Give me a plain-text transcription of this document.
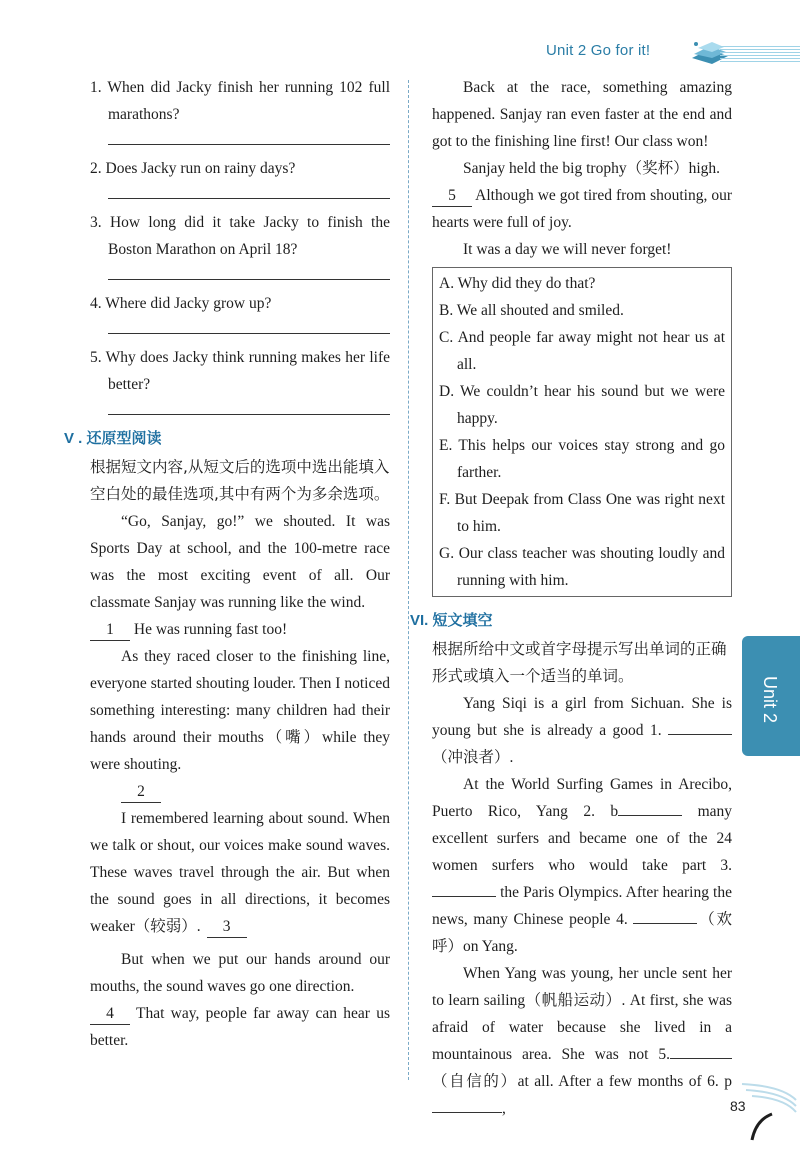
Unit 2 Go for it!

1. When did Jacky finish her running 102 full marathons?

2. Does Jacky run on rainy days?

3. How long did it take Jacky to finish the Boston Marathon on April 18?

4. Where did Jacky grow up?

5. Why does Jacky think running makes her life better?

V . 还原型阅读

根据短文内容,从短文后的选项中选出能填入空白处的最佳选项,其中有两个为多余选项。

“Go, Sanjay, go!” we shouted. It was Sports Day at school, and the 100-metre race was the most exciting event of all. Our classmate Sanjay was running like the wind.

1 He was running fast too!

As they raced closer to the finishing line, everyone started shouting louder. Then I noticed something interesting: many children had their hands around their mouths（嘴）while they were shouting.

2

I remembered learning about sound. When we talk or shout, our voices make sound waves. These waves travel through the air. But when the sound goes in all directions, it becomes weaker（较弱）. 3

But when we put our hands around our mouths, the sound waves go one direction.

4 That way, people far away can hear us better.

Back at the race, something amazing happened. Sanjay ran even faster at the end and got to the finishing line first! Our class won!

Sanjay held the big trophy（奖杯）high.

5 Although we got tired from shouting, our hearts were full of joy.

It was a day we will never forget!

A. Why did they do that?

B. We all shouted and smiled.

C. And people far away might not hear us at all.

D. We couldn’t hear his sound but we were happy.

E. This helps our voices stay strong and go farther.

F. But Deepak from Class One was right next to him.

G. Our class teacher was shouting loudly and running with him.

VI. 短文填空

根据所给中文或首字母提示写出单词的正确形式或填入一个适当的单词。

Yang Siqi is a girl from Sichuan. She is young but she is already a good 1. （冲浪者）.

At the World Surfing Games in Arecibo, Puerto Rico, Yang 2. b	many excellent surfers and became one of the 24 women surfers who would take part 3.  the Paris Olympics. After hearing the news, many Chinese people 4.	（欢呼）on Yang.

When Yang was young, her uncle sent her to learn sailing（帆船运动）. At first, she was afraid of water because she lived in a mountainous area. She was not 5.（自信的）at all. After a few months of 6. p,

Unit 2
83
